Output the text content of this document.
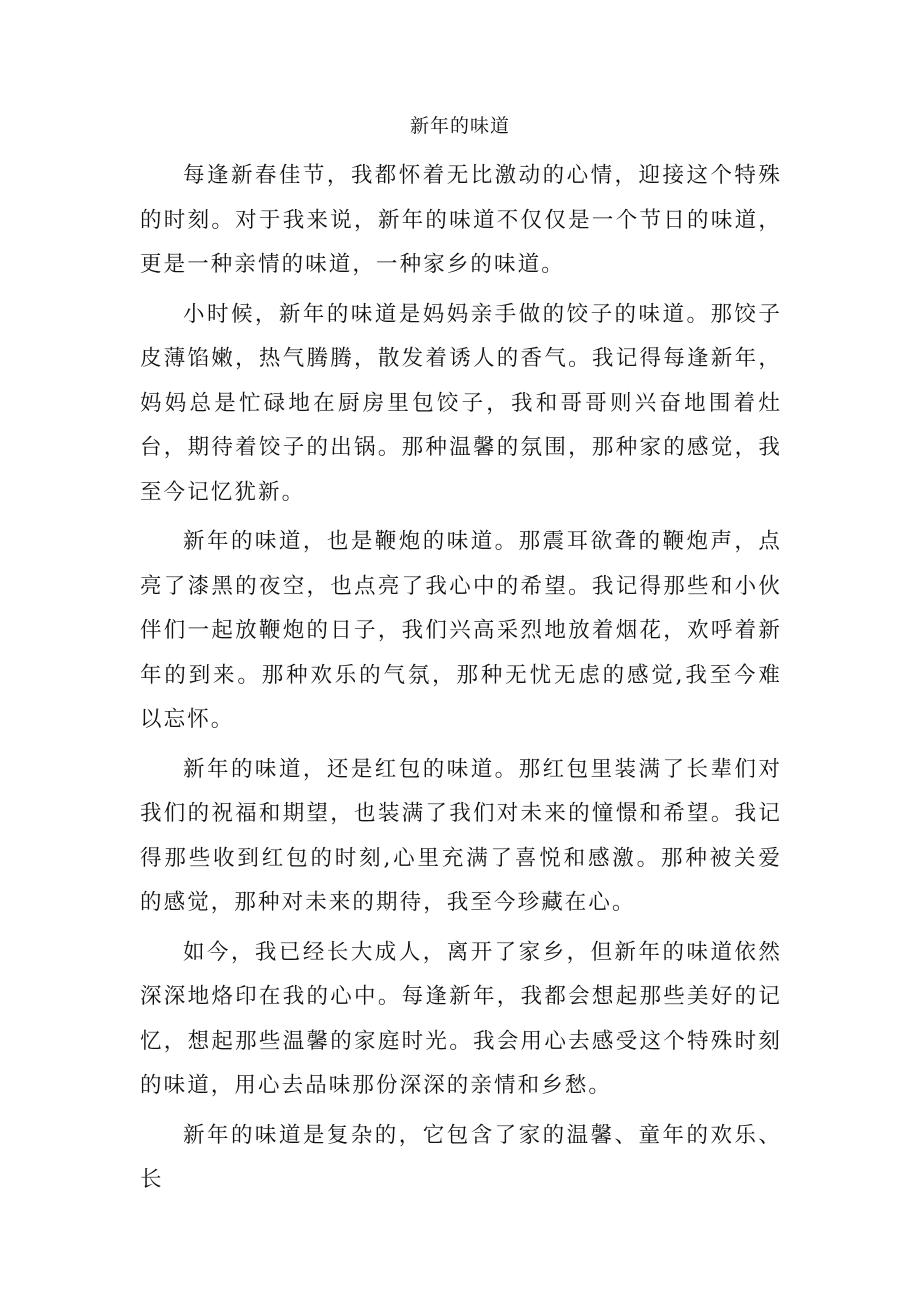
新年的味道

每逢新春佳节，我都怀着无比激动的心情，迎接这个特殊的时刻。对于我来说，新年的味道不仅仅是一个节日的味道，更是一种亲情的味道，一种家乡的味道。

小时候，新年的味道是妈妈亲手做的饺子的味道。那饺子皮薄馅嫩，热气腾腾，散发着诱人的香气。我记得每逢新年，妈妈总是忙碌地在厨房里包饺子，我和哥哥则兴奋地围着灶台，期待着饺子的出锅。那种温馨的氛围，那种家的感觉，我至今记忆犹新。

新年的味道，也是鞭炮的味道。那震耳欲聋的鞭炮声，点亮了漆黑的夜空，也点亮了我心中的希望。我记得那些和小伙伴们一起放鞭炮的日子，我们兴高采烈地放着烟花，欢呼着新年的到来。那种欢乐的气氛，那种无忧无虑的感觉,我至今难以忘怀。

新年的味道，还是红包的味道。那红包里装满了长辈们对我们的祝福和期望，也装满了我们对未来的憧憬和希望。我记得那些收到红包的时刻,心里充满了喜悦和感激。那种被关爱的感觉，那种对未来的期待，我至今珍藏在心。

如今，我已经长大成人，离开了家乡，但新年的味道依然深深地烙印在我的心中。每逢新年，我都会想起那些美好的记忆，想起那些温馨的家庭时光。我会用心去感受这个特殊时刻的味道，用心去品味那份深深的亲情和乡愁。

新年的味道是复杂的，它包含了家的温馨、童年的欢乐、长
